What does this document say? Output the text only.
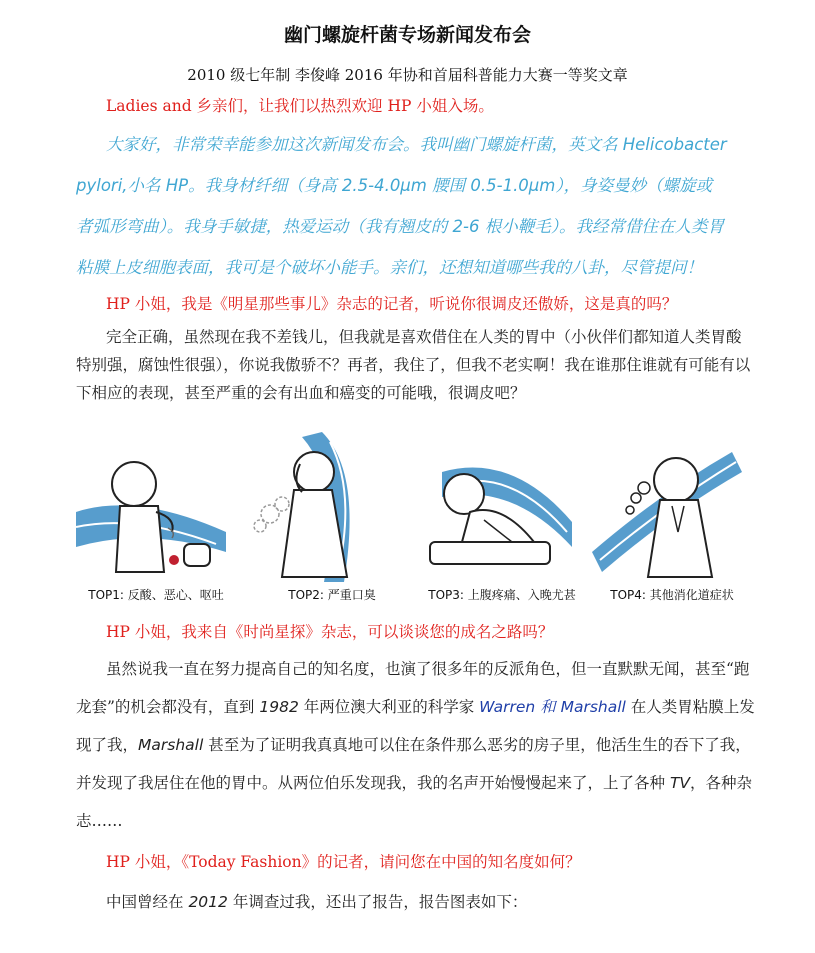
幽门螺旋杆菌专场新闻发布会
2010 级七年制 李俊峰 2016 年协和首届科普能力大赛一等奖文章
Ladies and 乡亲们，让我们以热烈欢迎 HP 小姐入场。
大家好，非常荣幸能参加这次新闻发布会。我叫幽门螺旋杆菌，英文名 Helicobacter
pylori,小名 HP。我身材纤细（身高 2.5-4.0μm 腰围 0.5-1.0μm），身姿曼妙（螺旋或
者弧形弯曲）。我身手敏捷，热爱运动（我有翘皮的 2-6 根小鞭毛）。我经常借住在人类胃
粘膜上皮细胞表面，我可是个破坏小能手。亲们，还想知道哪些我的八卦，尽管提问！
HP 小姐，我是《明星那些事儿》杂志的记者，听说你很调皮还傲娇，这是真的吗？
完全正确，虽然现在我不差钱儿，但我就是喜欢借住在人类的胃中（小伙伴们都知道人类胃酸特别强，腐蚀性很强），你说我傲骄不？再者，我住了，但我不老实啊！我在谁那住谁就有可能有以下相应的表现，甚至严重的会有出血和癌变的可能哦，很调皮吧？
TOP1: 反酸、恶心、呕吐	TOP2: 严重口臭	TOP3: 上腹疼痛、入晚尤甚	TOP4: 其他消化道症状
HP 小姐，我来自《时尚星探》杂志，可以谈谈您的成名之路吗？
虽然说我一直在努力提高自己的知名度，也演了很多年的反派角色，但一直默默无闻，甚至“跑龙套”的机会都没有，直到 1982 年两位澳大利亚的科学家 Warren 和 Marshall 在人类胃粘膜上发现了我，Marshall 甚至为了证明我真真地可以住在条件那么恶劣的房子里，他活生生的吞下了我，并发现了我居住在他的胃中。从两位伯乐发现我，我的名声开始慢慢起来了，上了各种 TV，各种杂志……
HP 小姐，《Today Fashion》的记者，请问您在中国的知名度如何？
中国曾经在 2012 年调查过我，还出了报告，报告图表如下：
